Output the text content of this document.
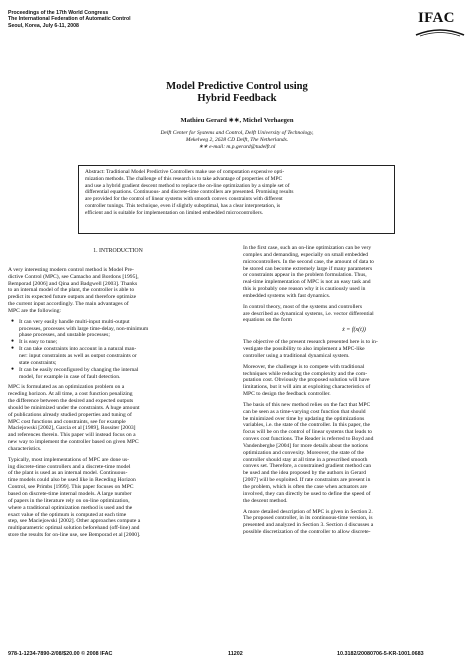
Proceedings of the 17th World Congress
The International Federation of Automatic Control
Seoul, Korea, July 6-11, 2008	IFAC
Model Predictive Control using
Hybrid Feedback
Mathieu Gerard ∗∗, Michel Verhaegen
Delft Center for Systems and Control, Delft University of Technology,
Mekelweg 2, 2628 CD Delft, The Netherlands.
∗∗ e-mail: m.p.gerard@tudelft.nl
Abstract: Traditional Model Predictive Controllers make use of computation expensive opti-
mization methods. The challenge of this research is to take advantage of properties of MPC
and use a hybrid gradient descent method to replace the on-line optimization by a simple set of
differential equations. Continuous- and discrete-time controllers are presented. Promising results
are provided for the control of linear systems with smooth convex constraints with different
controller tunings. This technique, even if slightly suboptimal, has a clear interpretation, is
efficient and is suitable for implementation on limited embedded microcontrollers.
1. INTRODUCTION
A very interesting modern control method is Model Pre-
dictive Control (MPC), see Camacho and Bordons [1995],
Bemporad [2006] and Qina and Badgwell [2003]. Thanks
to an internal model of the plant, the controller is able to
predict its expected future outputs and therefore optimize
the current input accordingly. The main advantages of
MPC are the following:
● It can very easily handle multi-input multi-output
processes, processes with large time-delay, non-minimum
phase processes, and unstable processes;
● It is easy to tune;
● It can take constraints into account in a natural man-
ner: input constraints as well as output constraints or
state constraints;
● It can be easily reconfigured by changing the internal
model, for example in case of fault detection.
MPC is formulated as an optimization problem on a
receding horizon. At all time, a cost function penalizing
the difference between the desired and expected outputs
should be minimized under the constraints. A huge amount
of publications already studied properties and tuning of
MPC cost functions and constraints, see for example
Maciejowski [2002], Garcia et al [1989], Rossiter [2003]
and references therein. This paper will instead focus on a
new way to implement the controller based on given MPC
characteristics.
Typically, most implementations of MPC are done us-
ing discrete-time controllers and a discrete-time model
of the plant is used as an internal model. Continuous-
time models could also be used like in Receding Horizon
Control, see Primbs [1999]. This paper focuses on MPC
based on discrete-time internal models. A large number
of papers in the literature rely on on-line optimization,
where a traditional optimization method is used and the
exact value of the optimum is computed at each time
step, see Maciejowski [2002]. Other approaches compute a
multiparametric optimal solution beforehand (off-line) and
store the results for on-line use, see Bemporad et al [2000].
In the first case, such an on-line optimization can be very
complex and demanding, especially on small embedded
microcontrollers. In the second case, the amount of data to
be stored can become extremely large if many parameters
or constraints appear in the problem formulation. Thus,
real-time implementation of MPC is not an easy task and
this is probably one reason why it is cautiously used in
embedded systems with fast dynamics.
In control theory, most of the systems and controllers
are described as dynamical systems, i.e. vector differential
equations on the form
ẋ = f(x(t))
The objective of the present research presented here is to in-
vestigate the possibility to also implement a MPC-like
controller using a traditional dynamical system.
Moreover, the challenge is to compete with traditional
techniques while reducing the complexity and the com-
putation cost. Obviously the proposed solution will have
limitations, but it will aim at exploiting characteristics of
MPC to design the feedback controller.
The basis of this new method relies on the fact that MPC
can be seen as a time-varying cost function that should
be minimized over time by updating the optimizations
variables, i.e. the state of the controller. In this paper, the
focus will be on the control of linear systems that leads to
convex cost functions. The Reader is referred to Boyd and
Vandenberghe [2004] for more details about the notions
optimization and convexity. Moreover, the state of the
controller should stay at all time in a prescribed smooth
convex set. Therefore, a constrained gradient method can
be used and the idea proposed by the authors in Gerard
[2007] will be exploited. If rate constraints are present in
the problem, which is often the case when actuators are
involved, they can directly be used to define the speed of
the descent method.
A more detailed description of MPC is given in Section 2.
The proposed controller, in its continuous-time version, is
presented and analyzed in Section 3. Section 4 discusses a
possible discretization of the controller to allow discrete-
978-1-1234-7890-2/08/$20.00 © 2008 IFAC	11202	10.3182/20080706-5-KR-1001.0683
